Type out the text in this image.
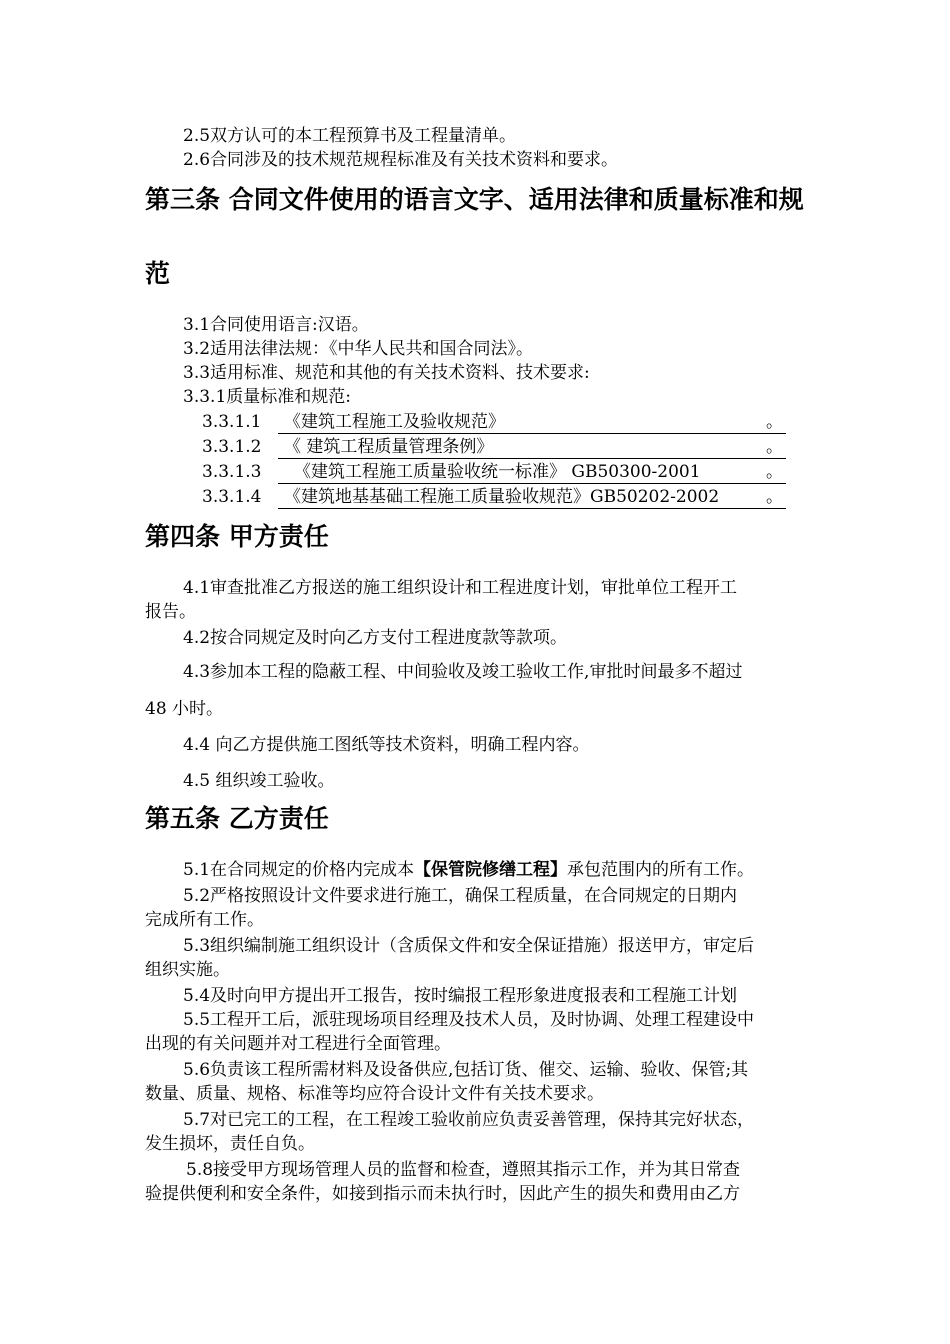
2.5双方认可的本工程预算书及工程量清单。
2.6合同涉及的技术规范规程标准及有关技术资料和要求。
第三条 合同文件使用的语言文字、适用法律和质量标准和规
范
3.1合同使用语言:汉语。
3.2适用法律法规：《中华人民共和国合同法》。
3.3适用标准、规范和其他的有关技术资料、技术要求:
3.3.1质量标准和规范:
3.3.1.1 《建筑工程施工及验收规范》	。
3.3.1.2 《 建筑工程质量管理条例》	。
3.3.1.3 《建筑工程施工质量验收统一标准》 GB50300-2001	。
3.3.1.4 《建筑地基基础工程施工质量验收规范》GB50202-2002	。
第四条 甲方责任
4.1审查批准乙方报送的施工组织设计和工程进度计划，审批单位工程开工
报告。
4.2按合同规定及时向乙方支付工程进度款等款项。
4.3参加本工程的隐蔽工程、中间验收及竣工验收工作,审批时间最多不超过
48 小时。
4.4 向乙方提供施工图纸等技术资料，明确工程内容。
4.5 组织竣工验收。
第五条 乙方责任
5.1在合同规定的价格内完成本【保管院修缮工程】承包范围内的所有工作。
5.2严格按照设计文件要求进行施工，确保工程质量，在合同规定的日期内
完成所有工作。
5.3组织编制施工组织设计（含质保文件和安全保证措施）报送甲方，审定后
组织实施。
5.4及时向甲方提出开工报告，按时编报工程形象进度报表和工程施工计划
5.5工程开工后，派驻现场项目经理及技术人员，及时协调、处理工程建设中
出现的有关问题并对工程进行全面管理。
5.6负责该工程所需材料及设备供应,包括订货、催交、运输、验收、保管;其
数量、质量、规格、标准等均应符合设计文件有关技术要求。
5.7对已完工的工程，在工程竣工验收前应负责妥善管理，保持其完好状态，
发生损坏，责任自负。
5.8接受甲方现场管理人员的监督和检查，遵照其指示工作，并为其日常查
验提供便利和安全条件，如接到指示而未执行时，因此产生的损失和费用由乙方
